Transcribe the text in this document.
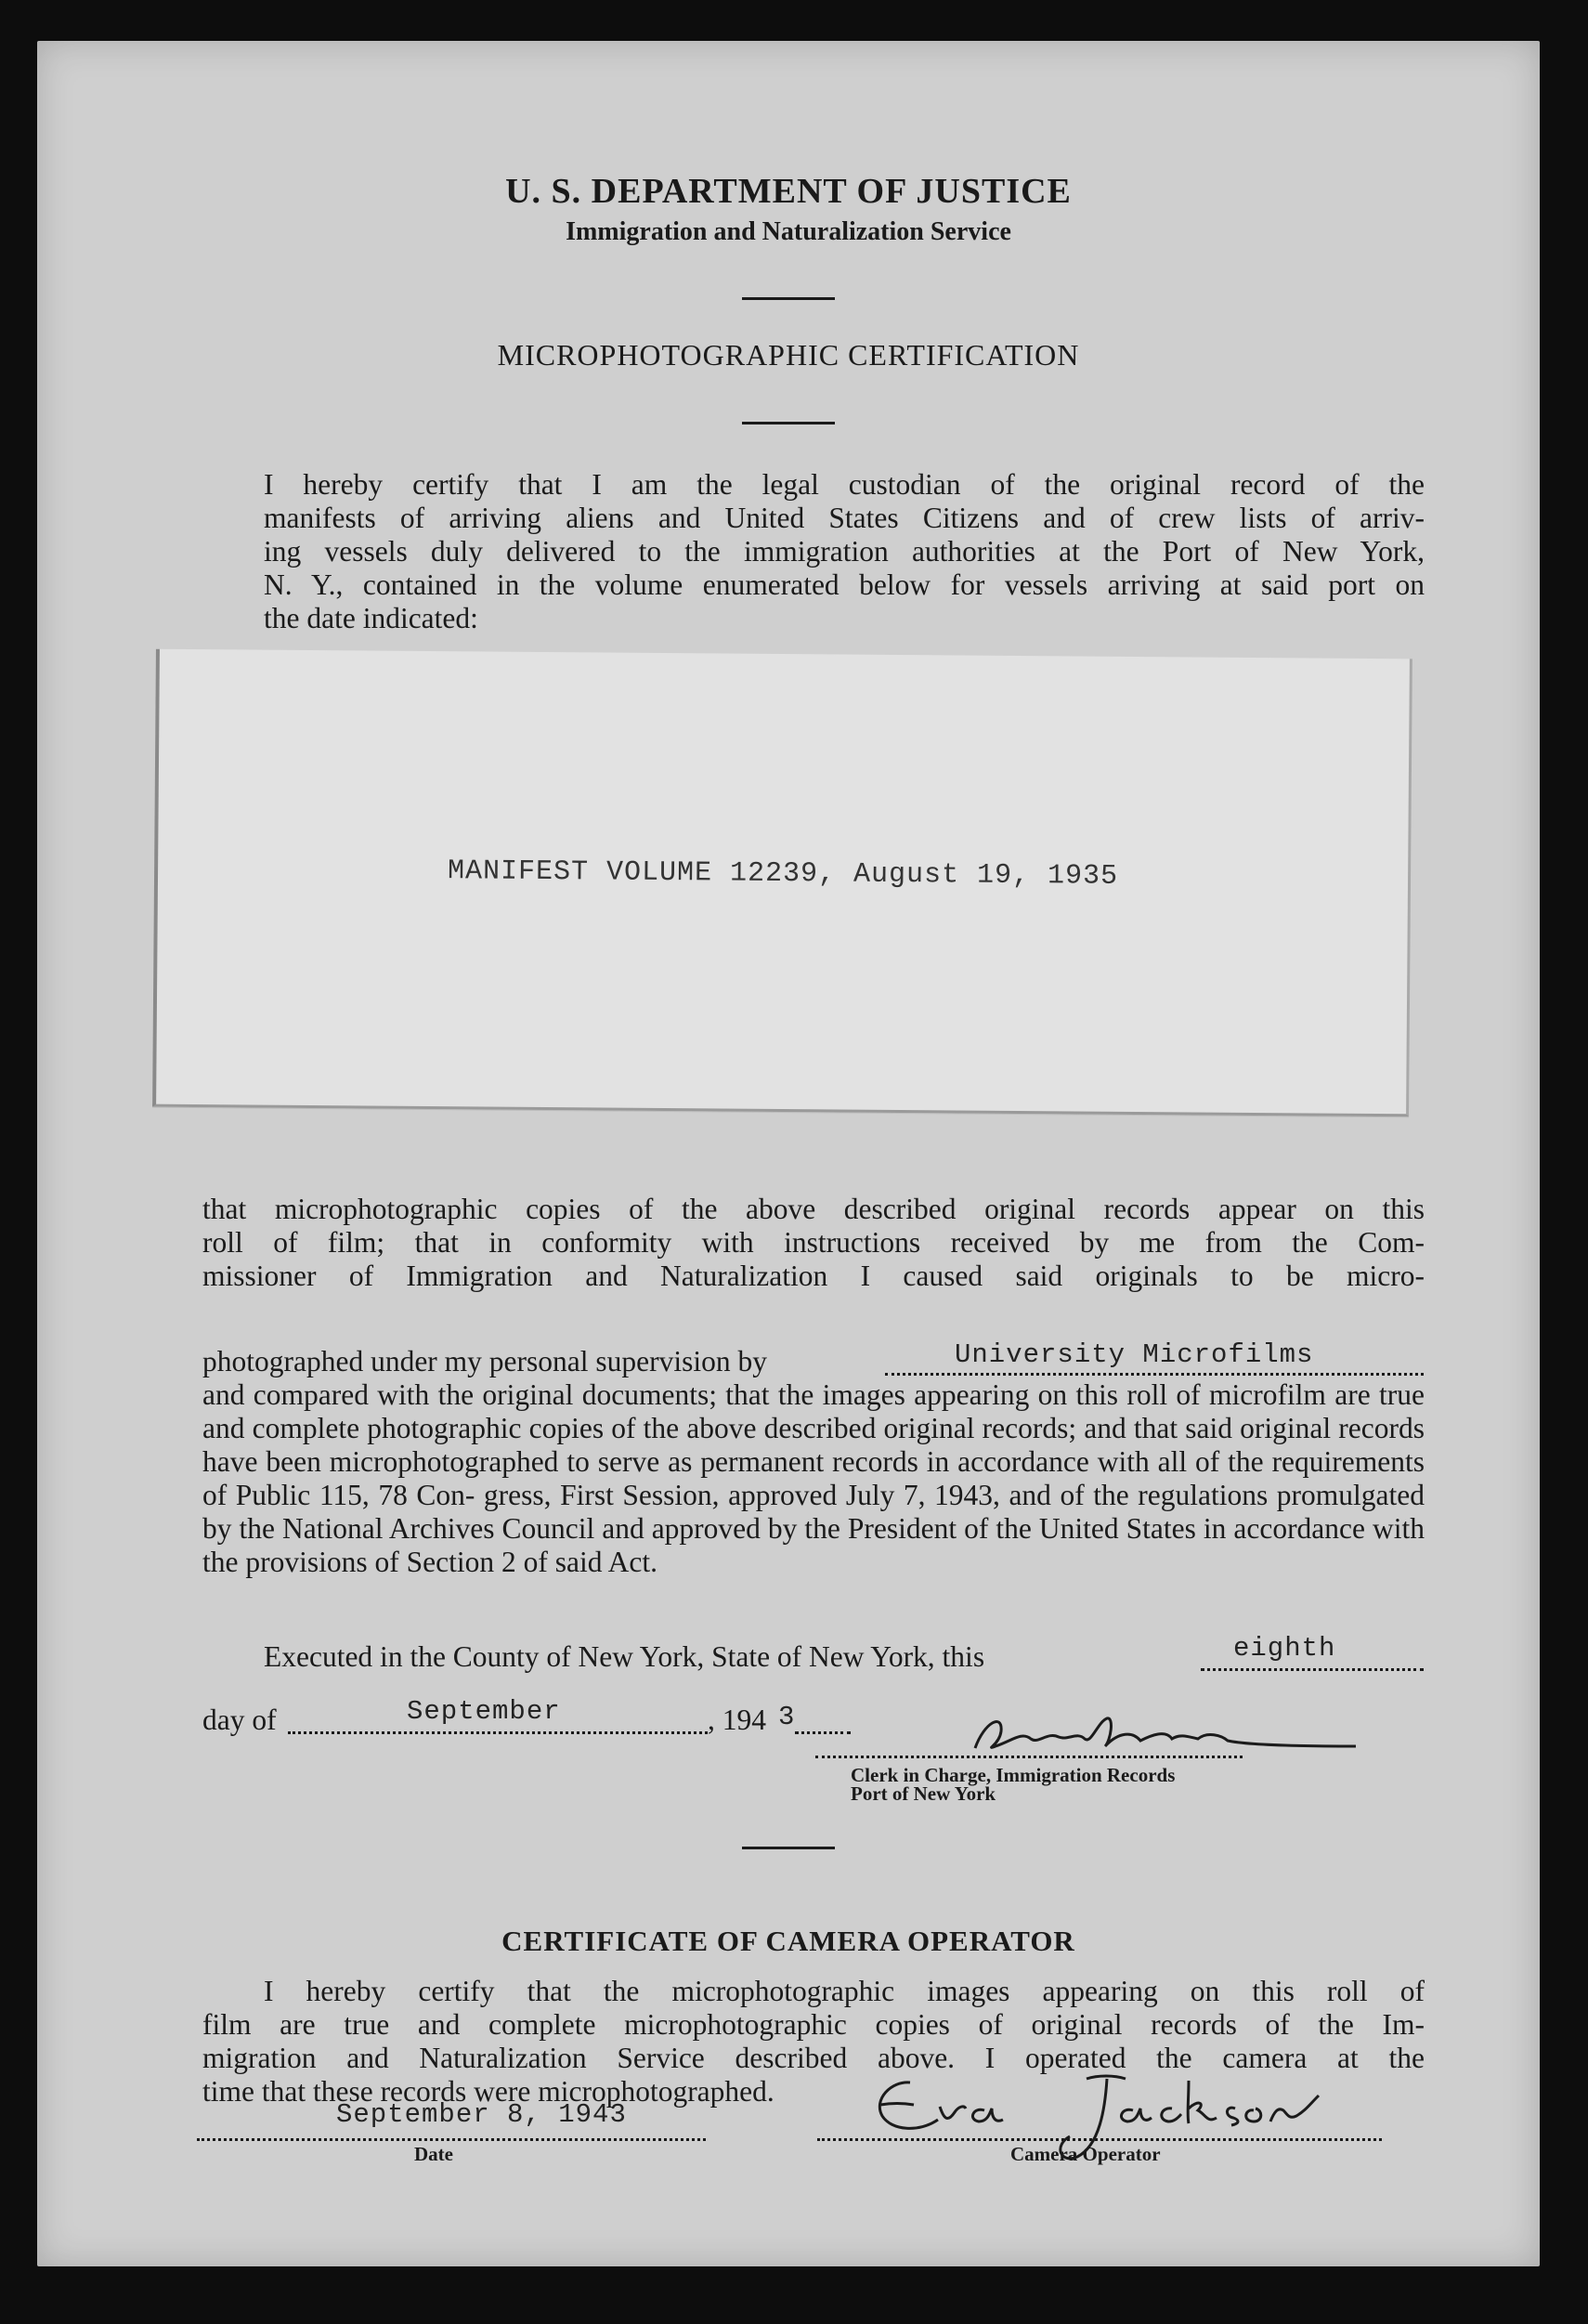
U. S. DEPARTMENT OF JUSTICE
Immigration and Naturalization Service
MICROPHOTOGRAPHIC CERTIFICATION
I hereby certify that I am the legal custodian of the original record of the
manifests of arriving aliens and United States Citizens and of crew lists of arriv-
ing vessels duly delivered to the immigration authorities at the Port of New York,
N. Y., contained in the volume enumerated below for vessels arriving at said port on
the date indicated:
MANIFEST VOLUME 12239, August 19, 1935
that microphotographic copies of the above described original records appear on this
roll of film; that in conformity with instructions received by me from the Com-
missioner of Immigration and Naturalization I caused said originals to be micro-
photographed under my personal supervision by	University Microfilms
and compared with the original documents; that the images appearing on this roll of microfilm are true and complete photographic copies of the above described original records; and that said original records have been microphotographed to serve as permanent records in accordance with all of the requirements of Public 115, 78 Con- gress, First Session, approved July 7, 1943, and of the regulations promulgated by the National Archives Council and approved by the President of the United States in accordance with the provisions of Section 2 of said Act.
Executed in the County of New York, State of New York, this	eighth
day of	September	, 194 3
Clerk in Charge, Immigration Records
Port of New York
CERTIFICATE OF CAMERA OPERATOR
I hereby certify that the microphotographic images appearing on this roll of
film are true and complete microphotographic copies of original records of the Im-
migration and Naturalization Service described above. I operated the camera at the
time that these records were microphotographed.
September 8, 1943
Date	Camera Operator
